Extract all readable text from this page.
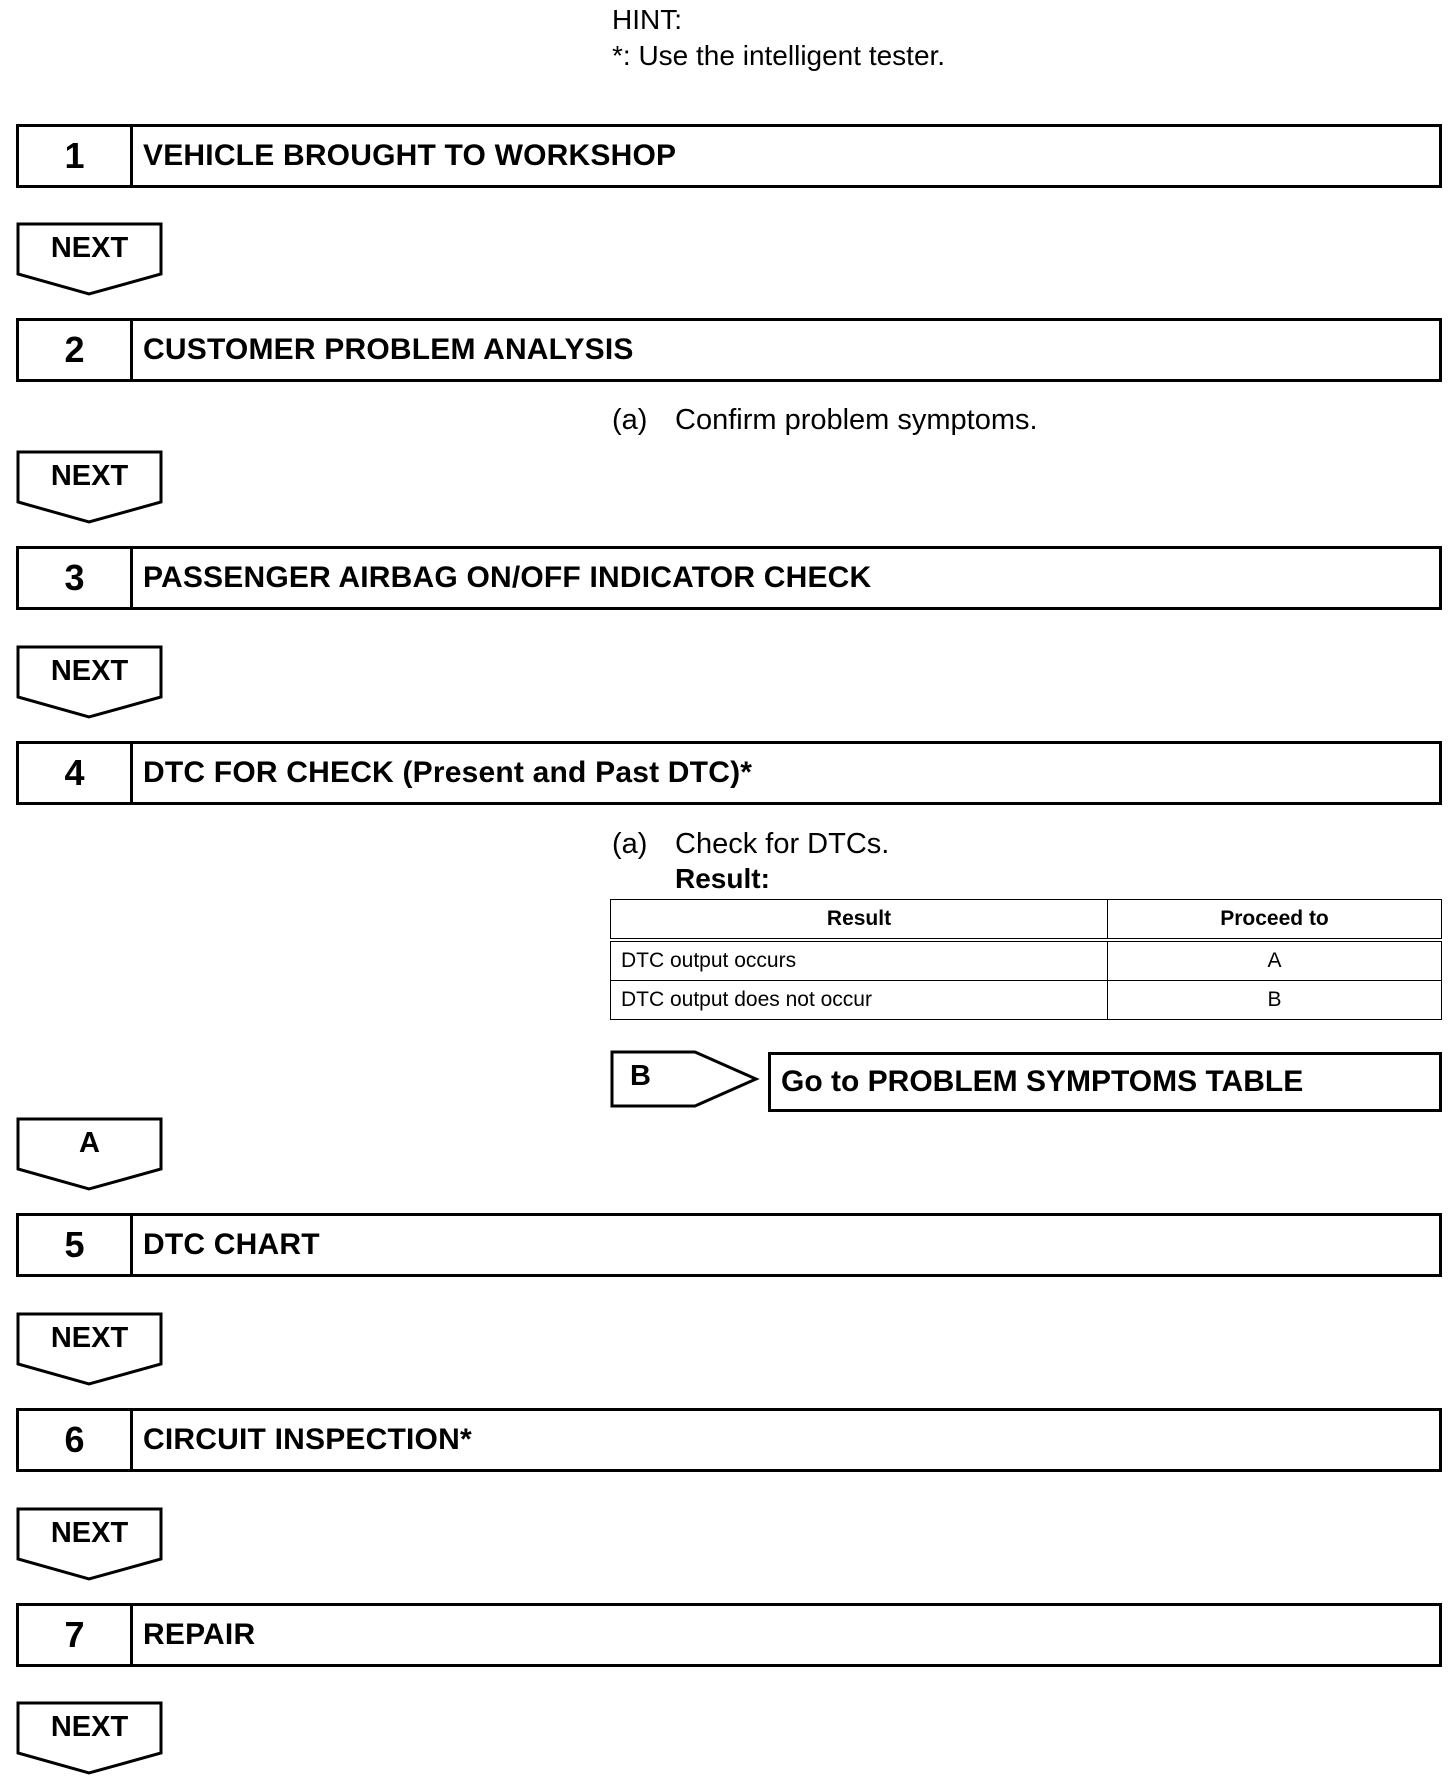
HINT:
*: Use the intelligent tester.
1	VEHICLE BROUGHT TO WORKSHOP
NEXT
2	CUSTOMER PROBLEM ANALYSIS
(a) Confirm problem symptoms.
NEXT
3	PASSENGER AIRBAG ON/OFF INDICATOR CHECK
NEXT
4	DTC FOR CHECK (Present and Past DTC)*
(a) Check for DTCs.
Result:
Result	Proceed to
DTC output occurs	A
DTC output does not occur	B
B	Go to PROBLEM SYMPTOMS TABLE
A
5	DTC CHART
NEXT
6	CIRCUIT INSPECTION*
NEXT
7	REPAIR
NEXT
